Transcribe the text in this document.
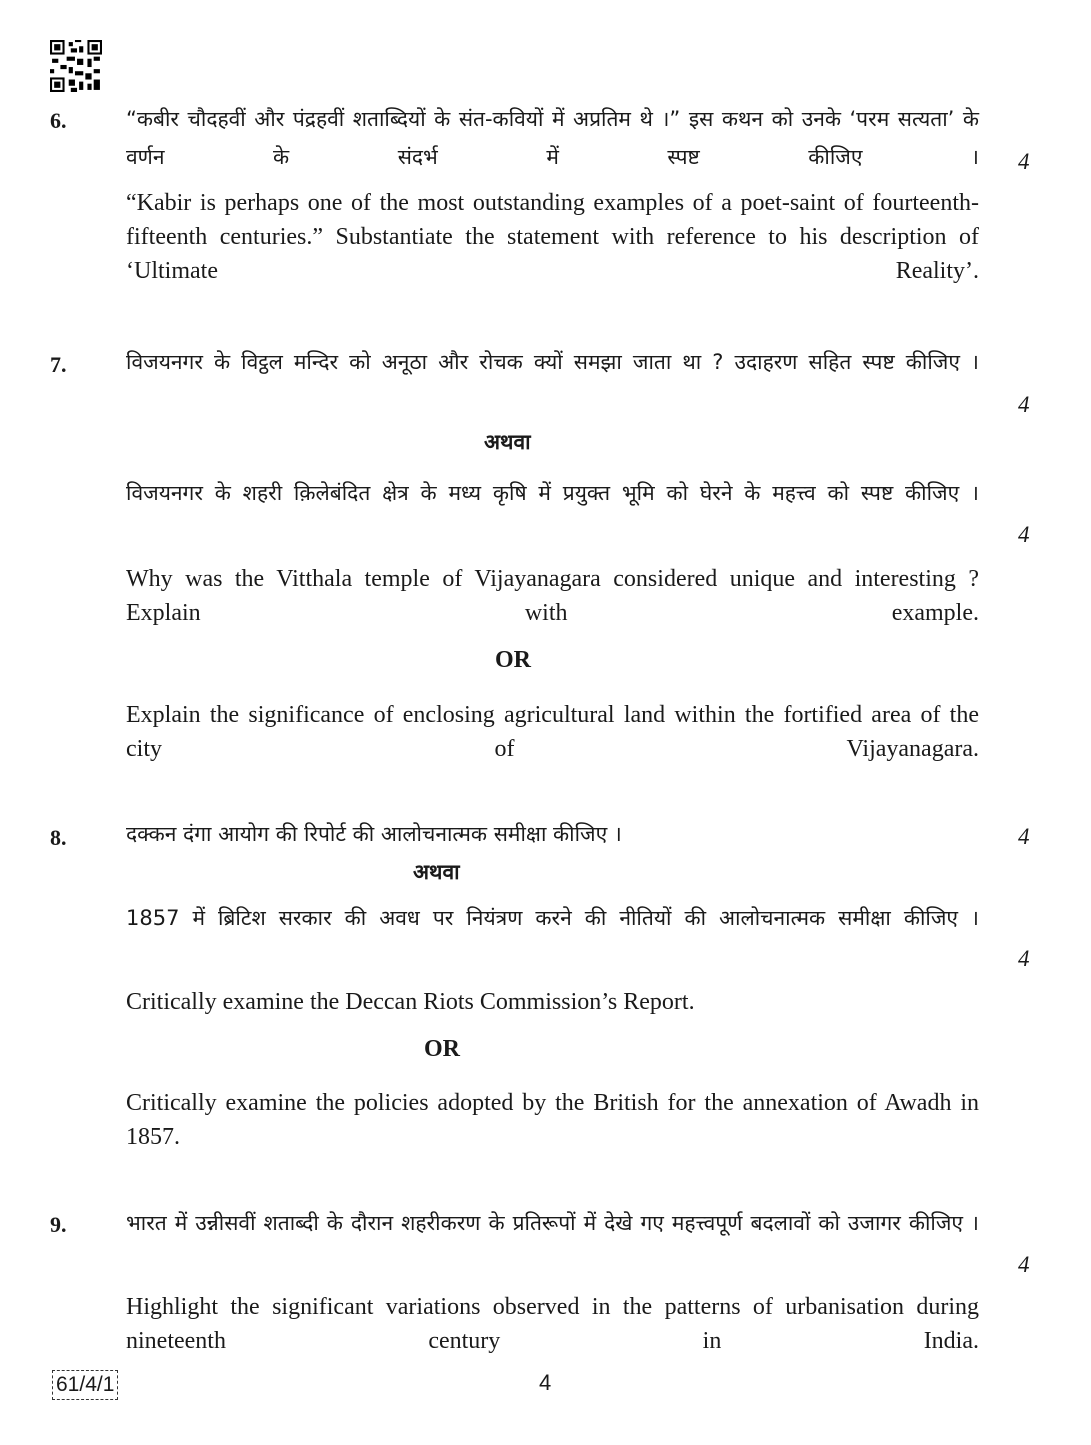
6.	“कबीर चौदहवीं और पंद्रहवीं शताब्दियों के संत-कवियों में अप्रतिम थे ।” इस कथन को उनके ‘परम सत्यता’ के वर्णन के संदर्भ में स्पष्ट कीजिए । 4
“Kabir is perhaps one of the most outstanding examples of a poet-saint of fourteenth-fifteenth centuries.” Substantiate the statement with reference to his description of ‘Ultimate Reality’.
7.	विजयनगर के विट्ठल मन्दिर को अनूठा और रोचक क्यों समझा जाता था ? उदाहरण सहित स्पष्ट कीजिए ।
4
अथवा
विजयनगर के शहरी क़िलेबंदित क्षेत्र के मध्य कृषि में प्रयुक्त भूमि को घेरने के महत्त्व को स्पष्ट कीजिए ।
4
Why was the Vitthala temple of Vijayanagara considered unique and interesting ? Explain with example.
OR
Explain the significance of enclosing agricultural land within the fortified area of the city of Vijayanagara.
8.	दक्कन दंगा आयोग की रिपोर्ट की आलोचनात्मक समीक्षा कीजिए ।	4
अथवा
1857 में ब्रिटिश सरकार की अवध पर नियंत्रण करने की नीतियों की आलोचनात्मक समीक्षा कीजिए ।
4
Critically examine the Deccan Riots Commission’s Report.
OR
Critically examine the policies adopted by the British for the annexation of Awadh in 1857.
9.	भारत में उन्नीसवीं शताब्दी के दौरान शहरीकरण के प्रतिरूपों में देखे गए महत्त्वपूर्ण बदलावों को उजागर कीजिए ।
4
Highlight the significant variations observed in the patterns of urbanisation during nineteenth century in India.
61/4/1	4
